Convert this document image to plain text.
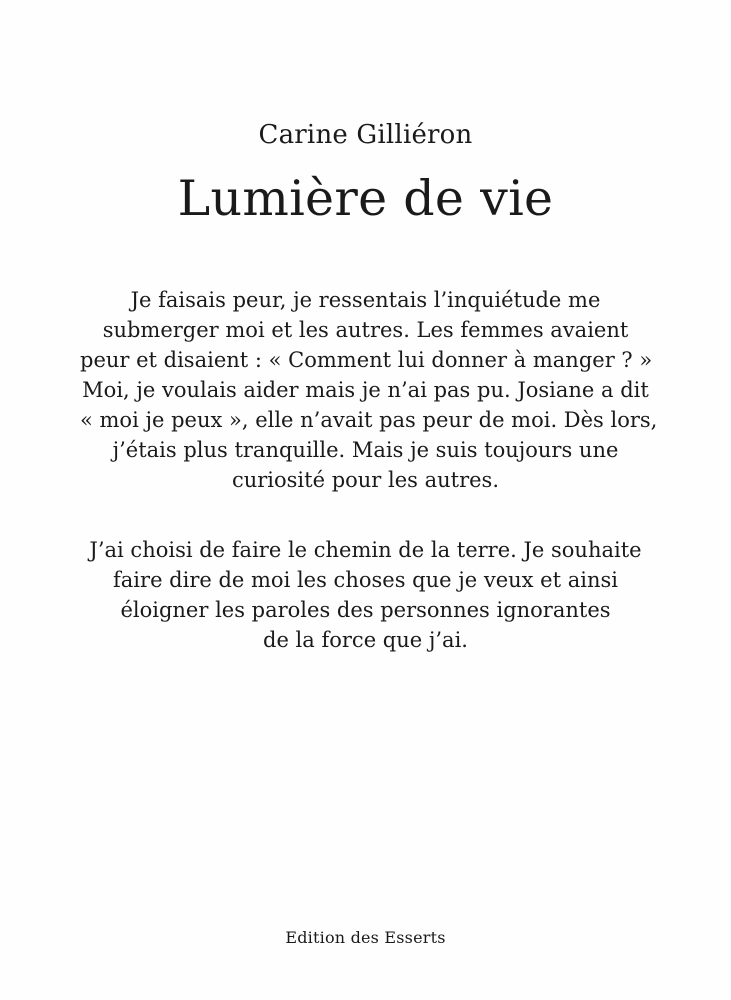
Carine Gilliéron
Lumière de vie
Je faisais peur, je ressentais l’inquiétude me
submerger moi et les autres. Les femmes avaient
peur et disaient : « Comment lui donner à manger ? »
Moi, je voulais aider mais je n’ai pas pu. Josiane a dit
« moi je peux », elle n’avait pas peur de moi. Dès lors,
j’étais plus tranquille. Mais je suis toujours une
curiosité pour les autres.
J’ai choisi de faire le chemin de la terre. Je souhaite
faire dire de moi les choses que je veux et ainsi
éloigner les paroles des personnes ignorantes
de la force que j’ai.
Edition des Esserts
